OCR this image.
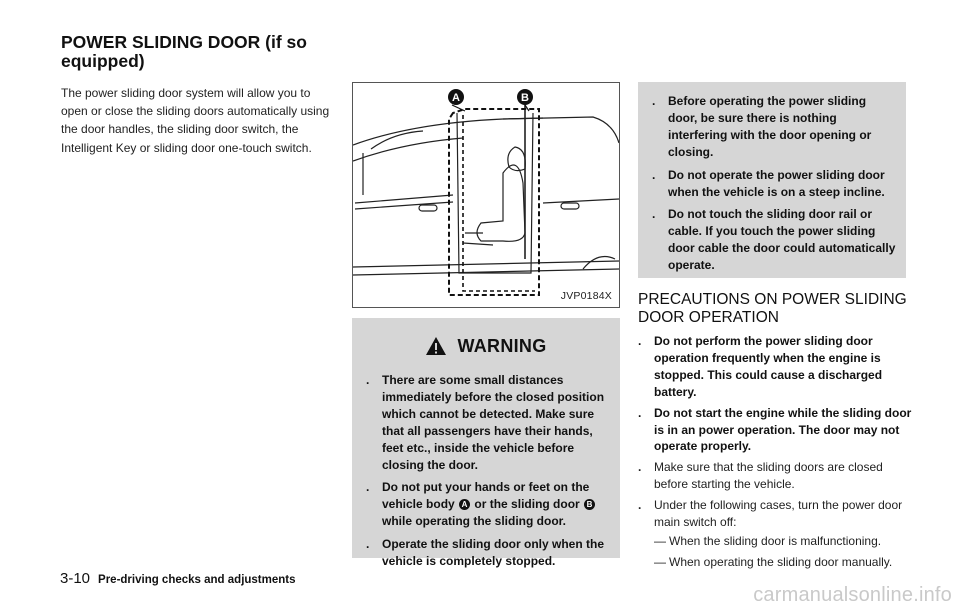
POWER SLIDING DOOR (if so
equipped)
The power sliding door system will allow you to open or close the sliding doors automatically using the door handles, the sliding door switch, the Intelligent Key or sliding door one-touch switch.
A	B
JVP0184X
WARNING
. There are some small distances immediately before the closed position which cannot be detected. Make sure that all passengers have their hands, feet etc., inside the vehicle before closing the door.
. Do not put your hands or feet on the vehicle body A or the sliding door B while operating the sliding door.
. Operate the sliding door only when the vehicle is completely stopped.
. Before operating the power sliding door, be sure there is nothing interfering with the door opening or closing.
. Do not operate the power sliding door when the vehicle is on a steep incline.
. Do not touch the sliding door rail or cable. If you touch the power sliding door cable the door could automatically operate.
PRECAUTIONS ON POWER SLIDING
DOOR OPERATION
. Do not perform the power sliding door operation frequently when the engine is stopped. This could cause a discharged battery.
. Do not start the engine while the sliding door is in an power operation. The door may not operate properly.
. Make sure that the sliding doors are closed before starting the vehicle.
. Under the following cases, turn the power door main switch off:
— When the sliding door is malfunctioning.
— When operating the sliding door manually.
3-10 Pre-driving checks and adjustments
carmanualsonline.info
